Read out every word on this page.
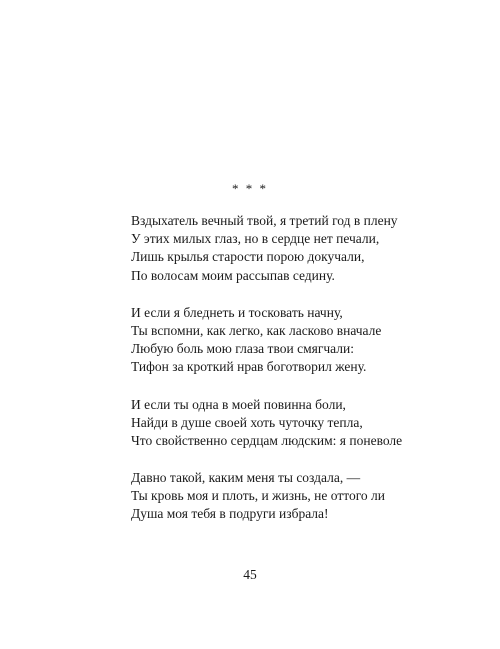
* * *
Вздыхатель вечный твой, я третий год в плену
У этих милых глаз, но в сердце нет печали,
Лишь крылья старости порою докучали,
По волосам моим рассыпав седину.
И если я бледнеть и тосковать начну,
Ты вспомни, как легко, как ласково вначале
Любую боль мою глаза твои смягчали:
Тифон за кроткий нрав боготворил жену.
И если ты одна в моей повинна боли,
Найди в душе своей хоть чуточку тепла,
Что свойственно сердцам людским: я поневоле
Давно такой, каким меня ты создала, —
Ты кровь моя и плоть, и жизнь, не оттого ли
Душа моя тебя в подруги избрала!
45
